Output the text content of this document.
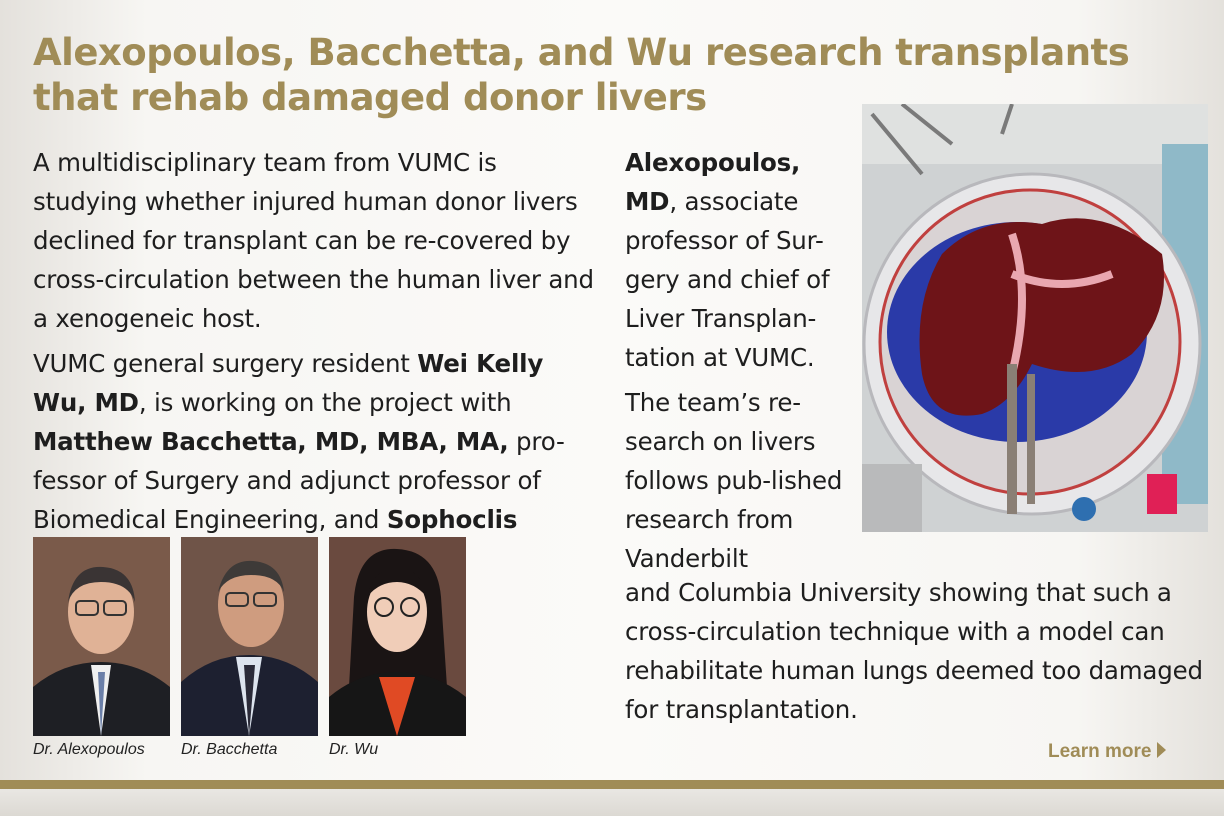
Alexopoulos, Bacchetta, and Wu research transplants that rehab damaged donor livers

A multidisciplinary team from VUMC is studying whether injured human donor livers declined for transplant can be re-covered by cross-circulation between the human liver and a xenogeneic host.

VUMC general surgery resident Wei Kelly Wu, MD, is working on the project with Matthew Bacchetta, MD, MBA, MA, pro-fessor of Surgery and adjunct professor of Biomedical Engineering, and Sophoclis

Alexopoulos, MD, associate professor of Sur-gery and chief of Liver Transplan-tation at VUMC.

The team’s re-search on livers follows pub-lished research from Vanderbilt

and Columbia University showing that such a cross-circulation technique with a model can rehabilitate human lungs deemed too damaged for transplantation.

Dr. Alexopoulos Dr. Bacchetta	Dr. Wu	Learn more
